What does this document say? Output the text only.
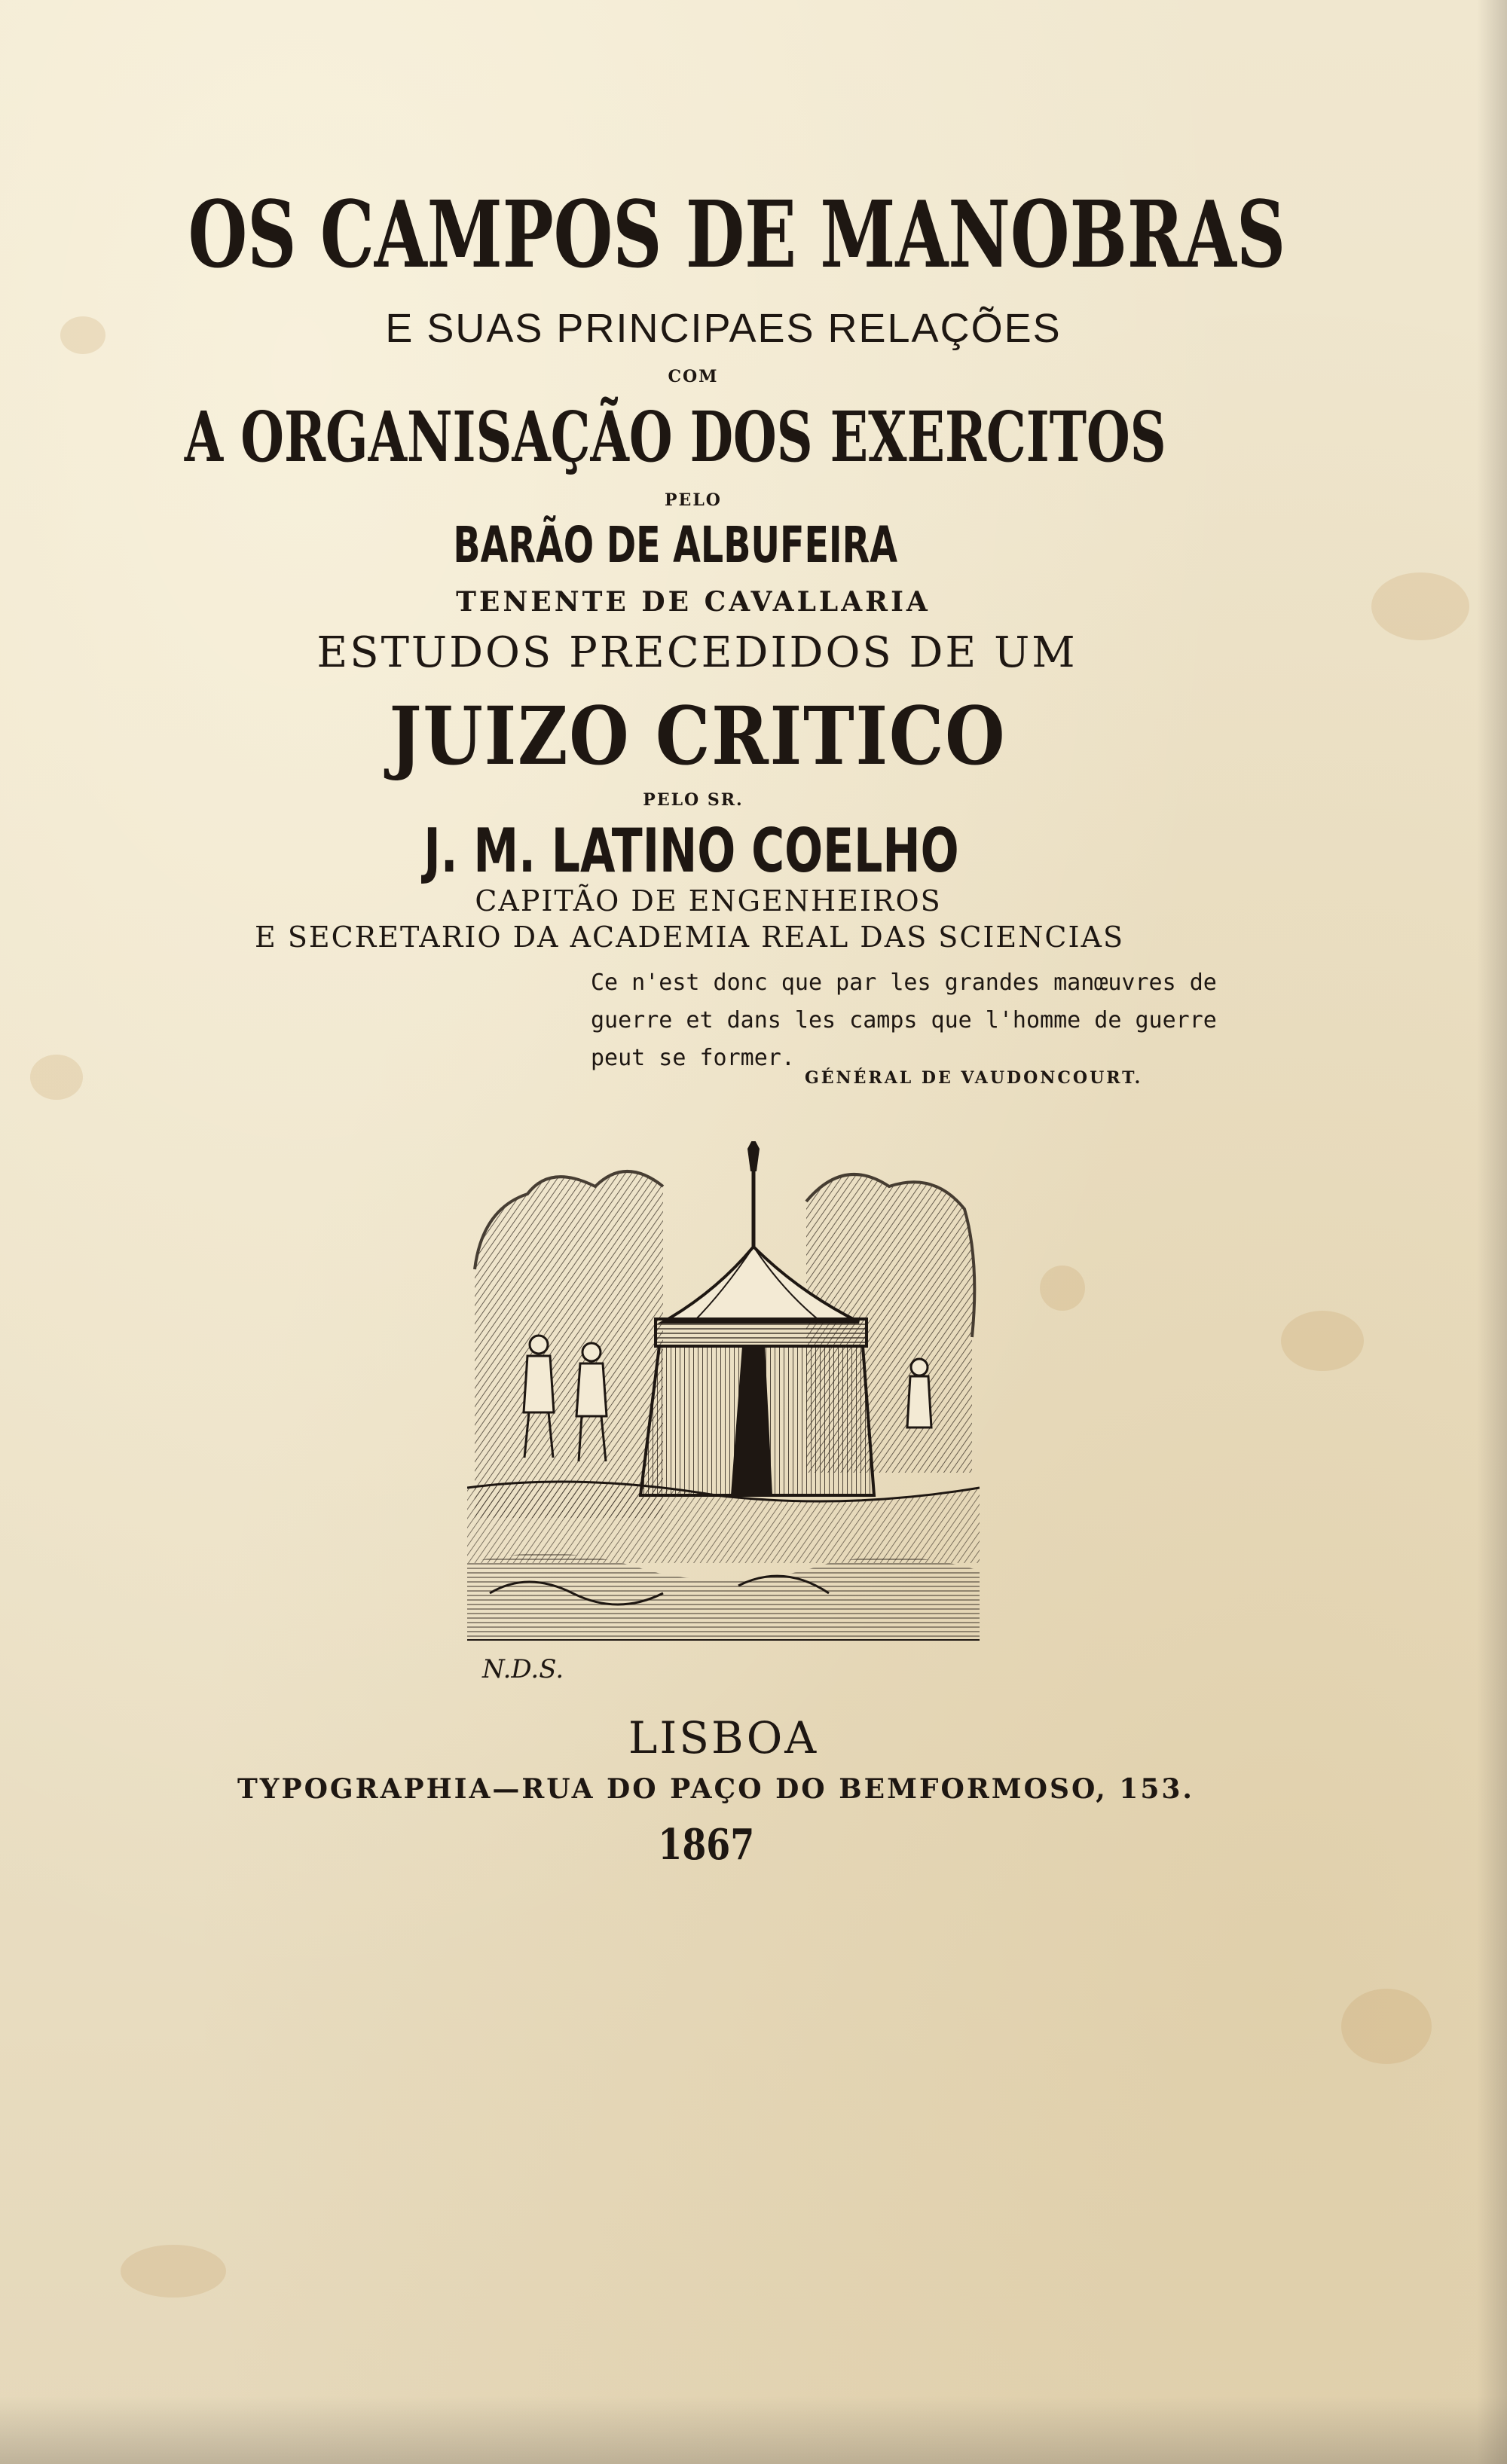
OS CAMPOS DE MANOBRAS
E SUAS PRINCIPAES RELAÇÕES
COM
A ORGANISAÇÃO DOS EXERCITOS
PELO
BARÃO DE ALBUFEIRA
TENENTE DE CAVALLARIA
ESTUDOS PRECEDIDOS DE UM
JUIZO CRITICO
PELO SR.
J. M. LATINO COELHO
CAPITÃO DE ENGENHEIROS
E SECRETARIO DA ACADEMIA REAL DAS SCIENCIAS
Ce n'est donc que par les grandes manœuvres de
guerre et dans les camps que l'homme de guerre
peut se former.
GÉNÉRAL DE VAUDONCOURT.
N.D.S.
LISBOA
TYPOGRAPHIA—RUA DO PAÇO DO BEMFORMOSO, 153.
1867
